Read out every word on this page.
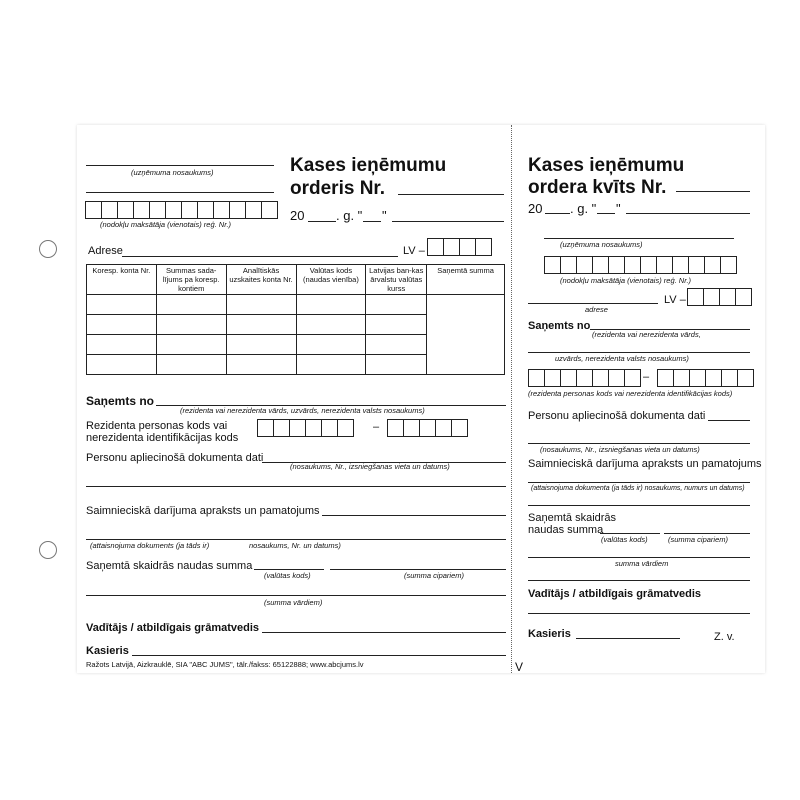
(uzņēmuma nosaukums)
(nodokļu maksātāja (vienotais) reģ. Nr.)
Kases ieņēmumu
orderis Nr.
20 . g. " "
Adrese	LV –
Koresp. konta Nr.	Summas sada-lījums pa koresp. kontiem	Analītiskās uzskaites konta Nr.	Valūtas kods (naudas vienība)	Latvijas ban-kas ārvalstu valūtas kurss	Saņemtā summa

Saņemts no
(rezidenta vai nerezidenta vārds, uzvārds, nerezidenta valsts nosaukums)
Rezidenta personas kods vai nerezidenta identifikācijas kods
–
Personu apliecinošā dokumenta dati
(nosaukums, Nr., izsniegšanas vieta un datums)
Saimnieciskā darījuma apraksts un pamatojums
(attaisnojuma dokuments (ja tāds ir)	nosaukums, Nr. un datums)
Saņemtā skaidrās naudas summa
(valūtas kods)	(summa cipariem)
(summa vārdiem)
Vadītājs / atbildīgais grāmatvedis
Kasieris
Ražots Latvijā, Aizkrauklē, SIA "ABC JUMS", tālr./fakss: 65122888; www.abcjums.lv
Kases ieņēmumu
ordera kvīts Nr.
20 . g. " "
(uzņēmuma nosaukums)
(nodokļu maksātāja (vienotais) reģ. Nr.)
LV –
adrese
Saņemts no
(rezidenta vai nerezidenta vārds,
uzvārds, nerezidenta valsts nosaukums)
–
(rezidenta personas kods vai nerezidenta identifikācijas kods)
Personu apliecinošā dokumenta dati
(nosaukums, Nr., izsniegšanas vieta un datums)
Saimnieciskā darījuma apraksts un pamatojums
(attaisnojuma dokumenta (ja tāds ir) nosaukums, numurs un datums)
Saņemtā skaidrās
naudas summa
(valūtas kods)	(summa cipariem)
summa vārdiem
Vadītājs / atbildīgais grāmatvedis
Kasieris	Z. v.
V
